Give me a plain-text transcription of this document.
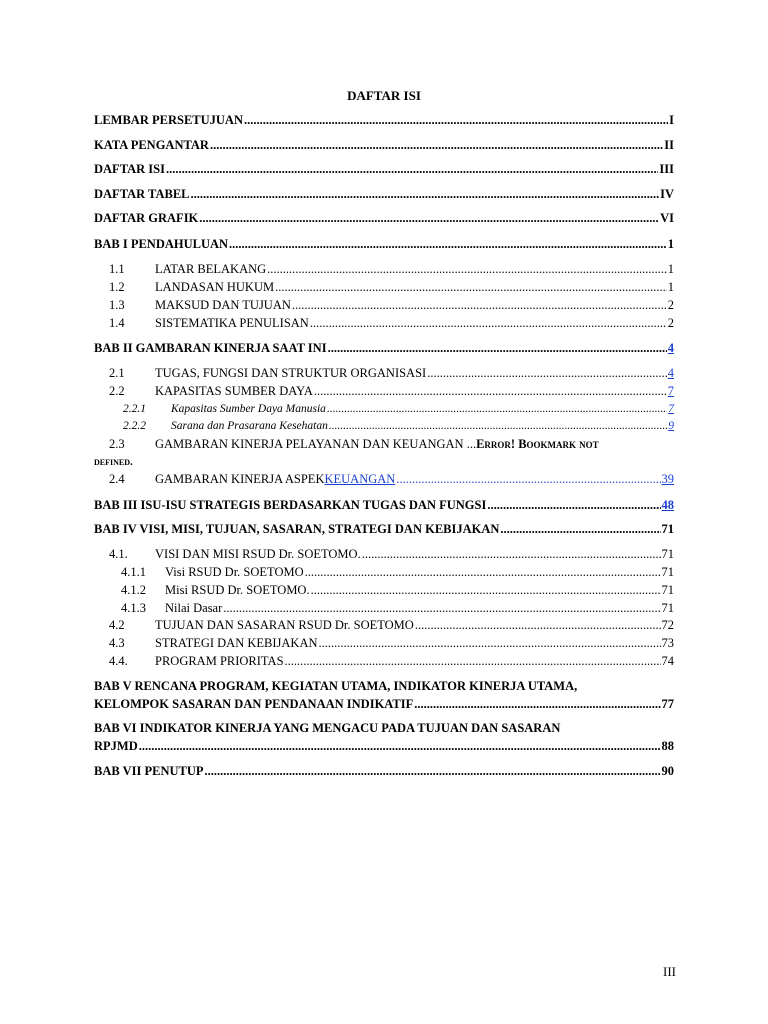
DAFTAR ISI
LEMBAR PERSETUJUAN .....	I
KATA PENGANTAR .....	II
DAFTAR ISI .....	III
DAFTAR TABEL .....	IV
DAFTAR GRAFIK .....	VI
BAB I PENDAHULUAN .....	1
1.1	LATAR BELAKANG .....	1
1.2	LANDASAN HUKUM .....	1
1.3	MAKSUD DAN TUJUAN .....	2
1.4	SISTEMATIKA PENULISAN .....	2
BAB II GAMBARAN KINERJA SAAT INI .....	4
2.1	TUGAS, FUNGSI DAN STRUKTUR ORGANISASI .....	4
2.2	KAPASITAS SUMBER DAYA .....	7
2.2.1	Kapasitas Sumber Daya Manusia .....	7
2.2.2	Sarana dan Prasarana Kesehatan .....	9
2.3	GAMBARAN KINERJA PELAYANAN DAN KEUANGAN ... Error! Bookmark not
defined.
2.4	GAMBARAN KINERJA ASPEK KEUANGAN .....	39
BAB III ISU-ISU STRATEGIS BERDASARKAN TUGAS DAN FUNGSI .....	48
BAB IV VISI, MISI, TUJUAN, SASARAN, STRATEGI DAN KEBIJAKAN .....	71
4.1.	VISI DAN MISI RSUD Dr. SOETOMO. .....	71
4.1.1	Visi RSUD Dr. SOETOMO .....	71
4.1.2	Misi RSUD Dr. SOETOMO. .....	71
4.1.3	Nilai Dasar .....	71
4.2	TUJUAN DAN SASARAN RSUD Dr. SOETOMO .....	72
4.3	STRATEGI DAN KEBIJAKAN .....	73
4.4.	PROGRAM PRIORITAS .....	74
BAB V RENCANA PROGRAM, KEGIATAN UTAMA, INDIKATOR KINERJA UTAMA,
KELOMPOK SASARAN DAN PENDANAAN INDIKATIF .....	77
BAB VI INDIKATOR KINERJA YANG MENGACU PADA TUJUAN DAN SASARAN
RPJMD .....	88
BAB VII PENUTUP .....	90
III
